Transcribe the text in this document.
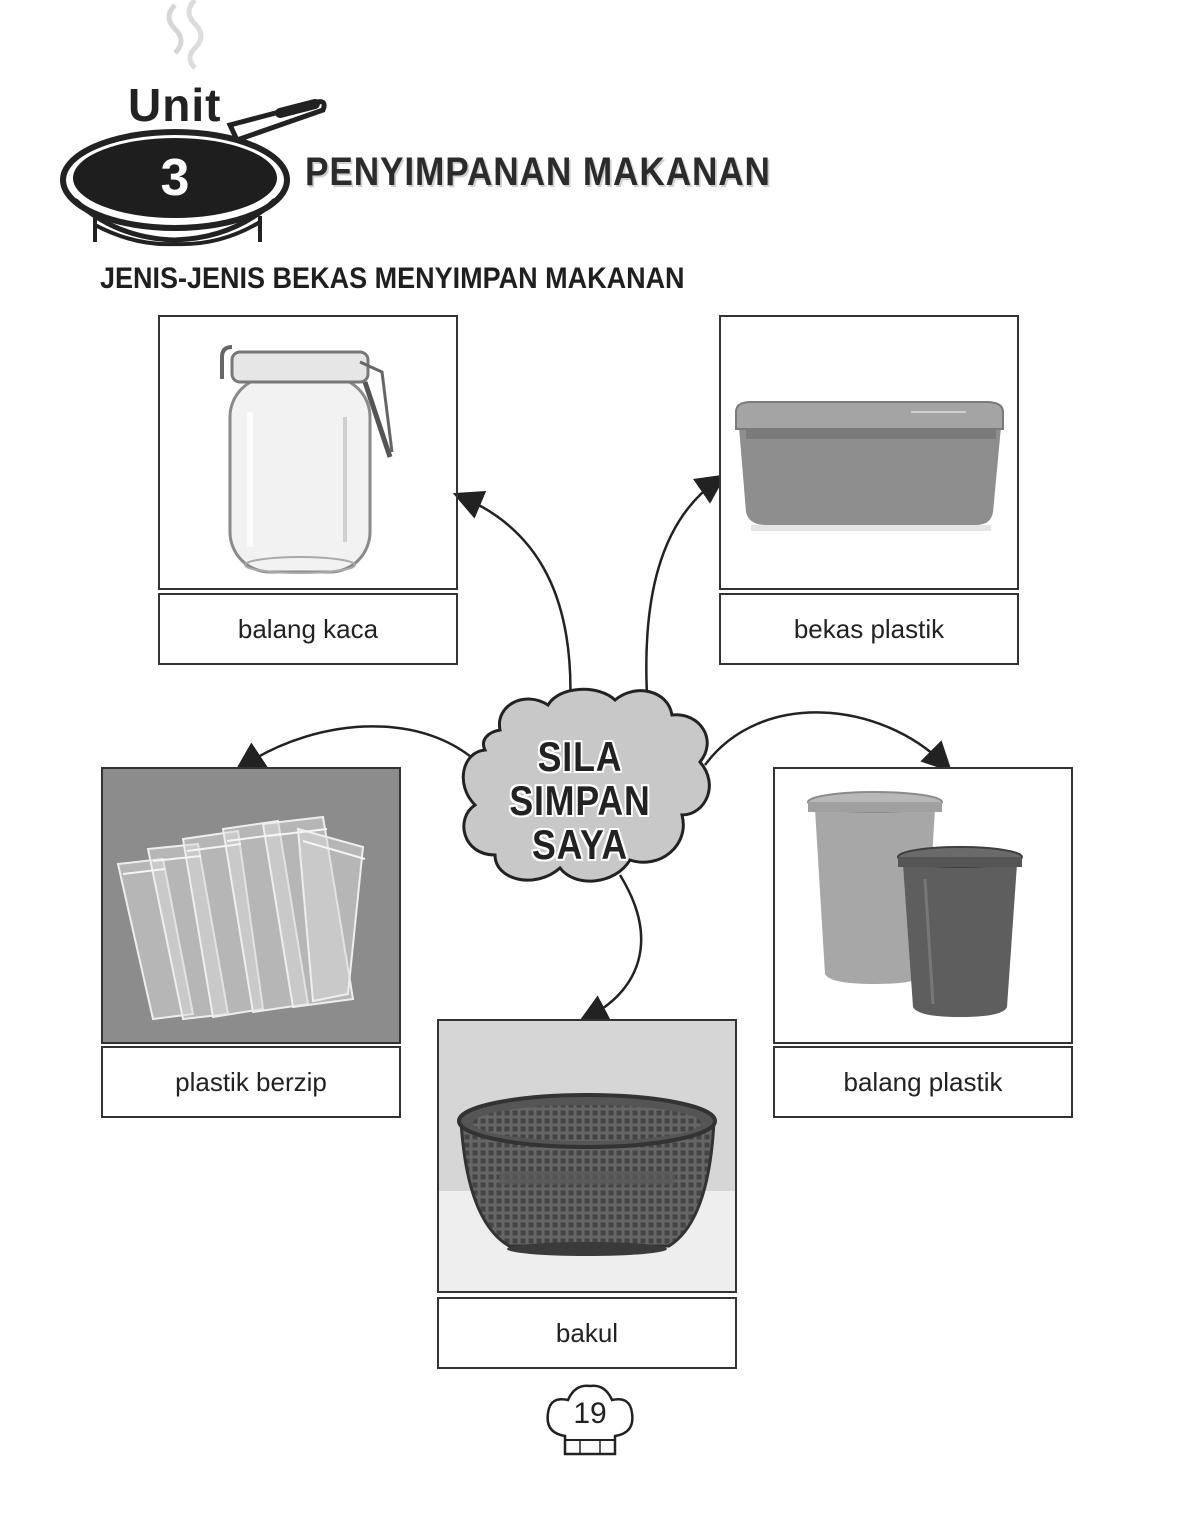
Unit
3	PENYIMPANAN MAKANAN
JENIS-JENIS BEKAS MENYIMPAN MAKANAN
SILA
SIMPAN
SAYA
balang kaca	bekas plastik
plastik berzip
bakul
balang plastik
19
